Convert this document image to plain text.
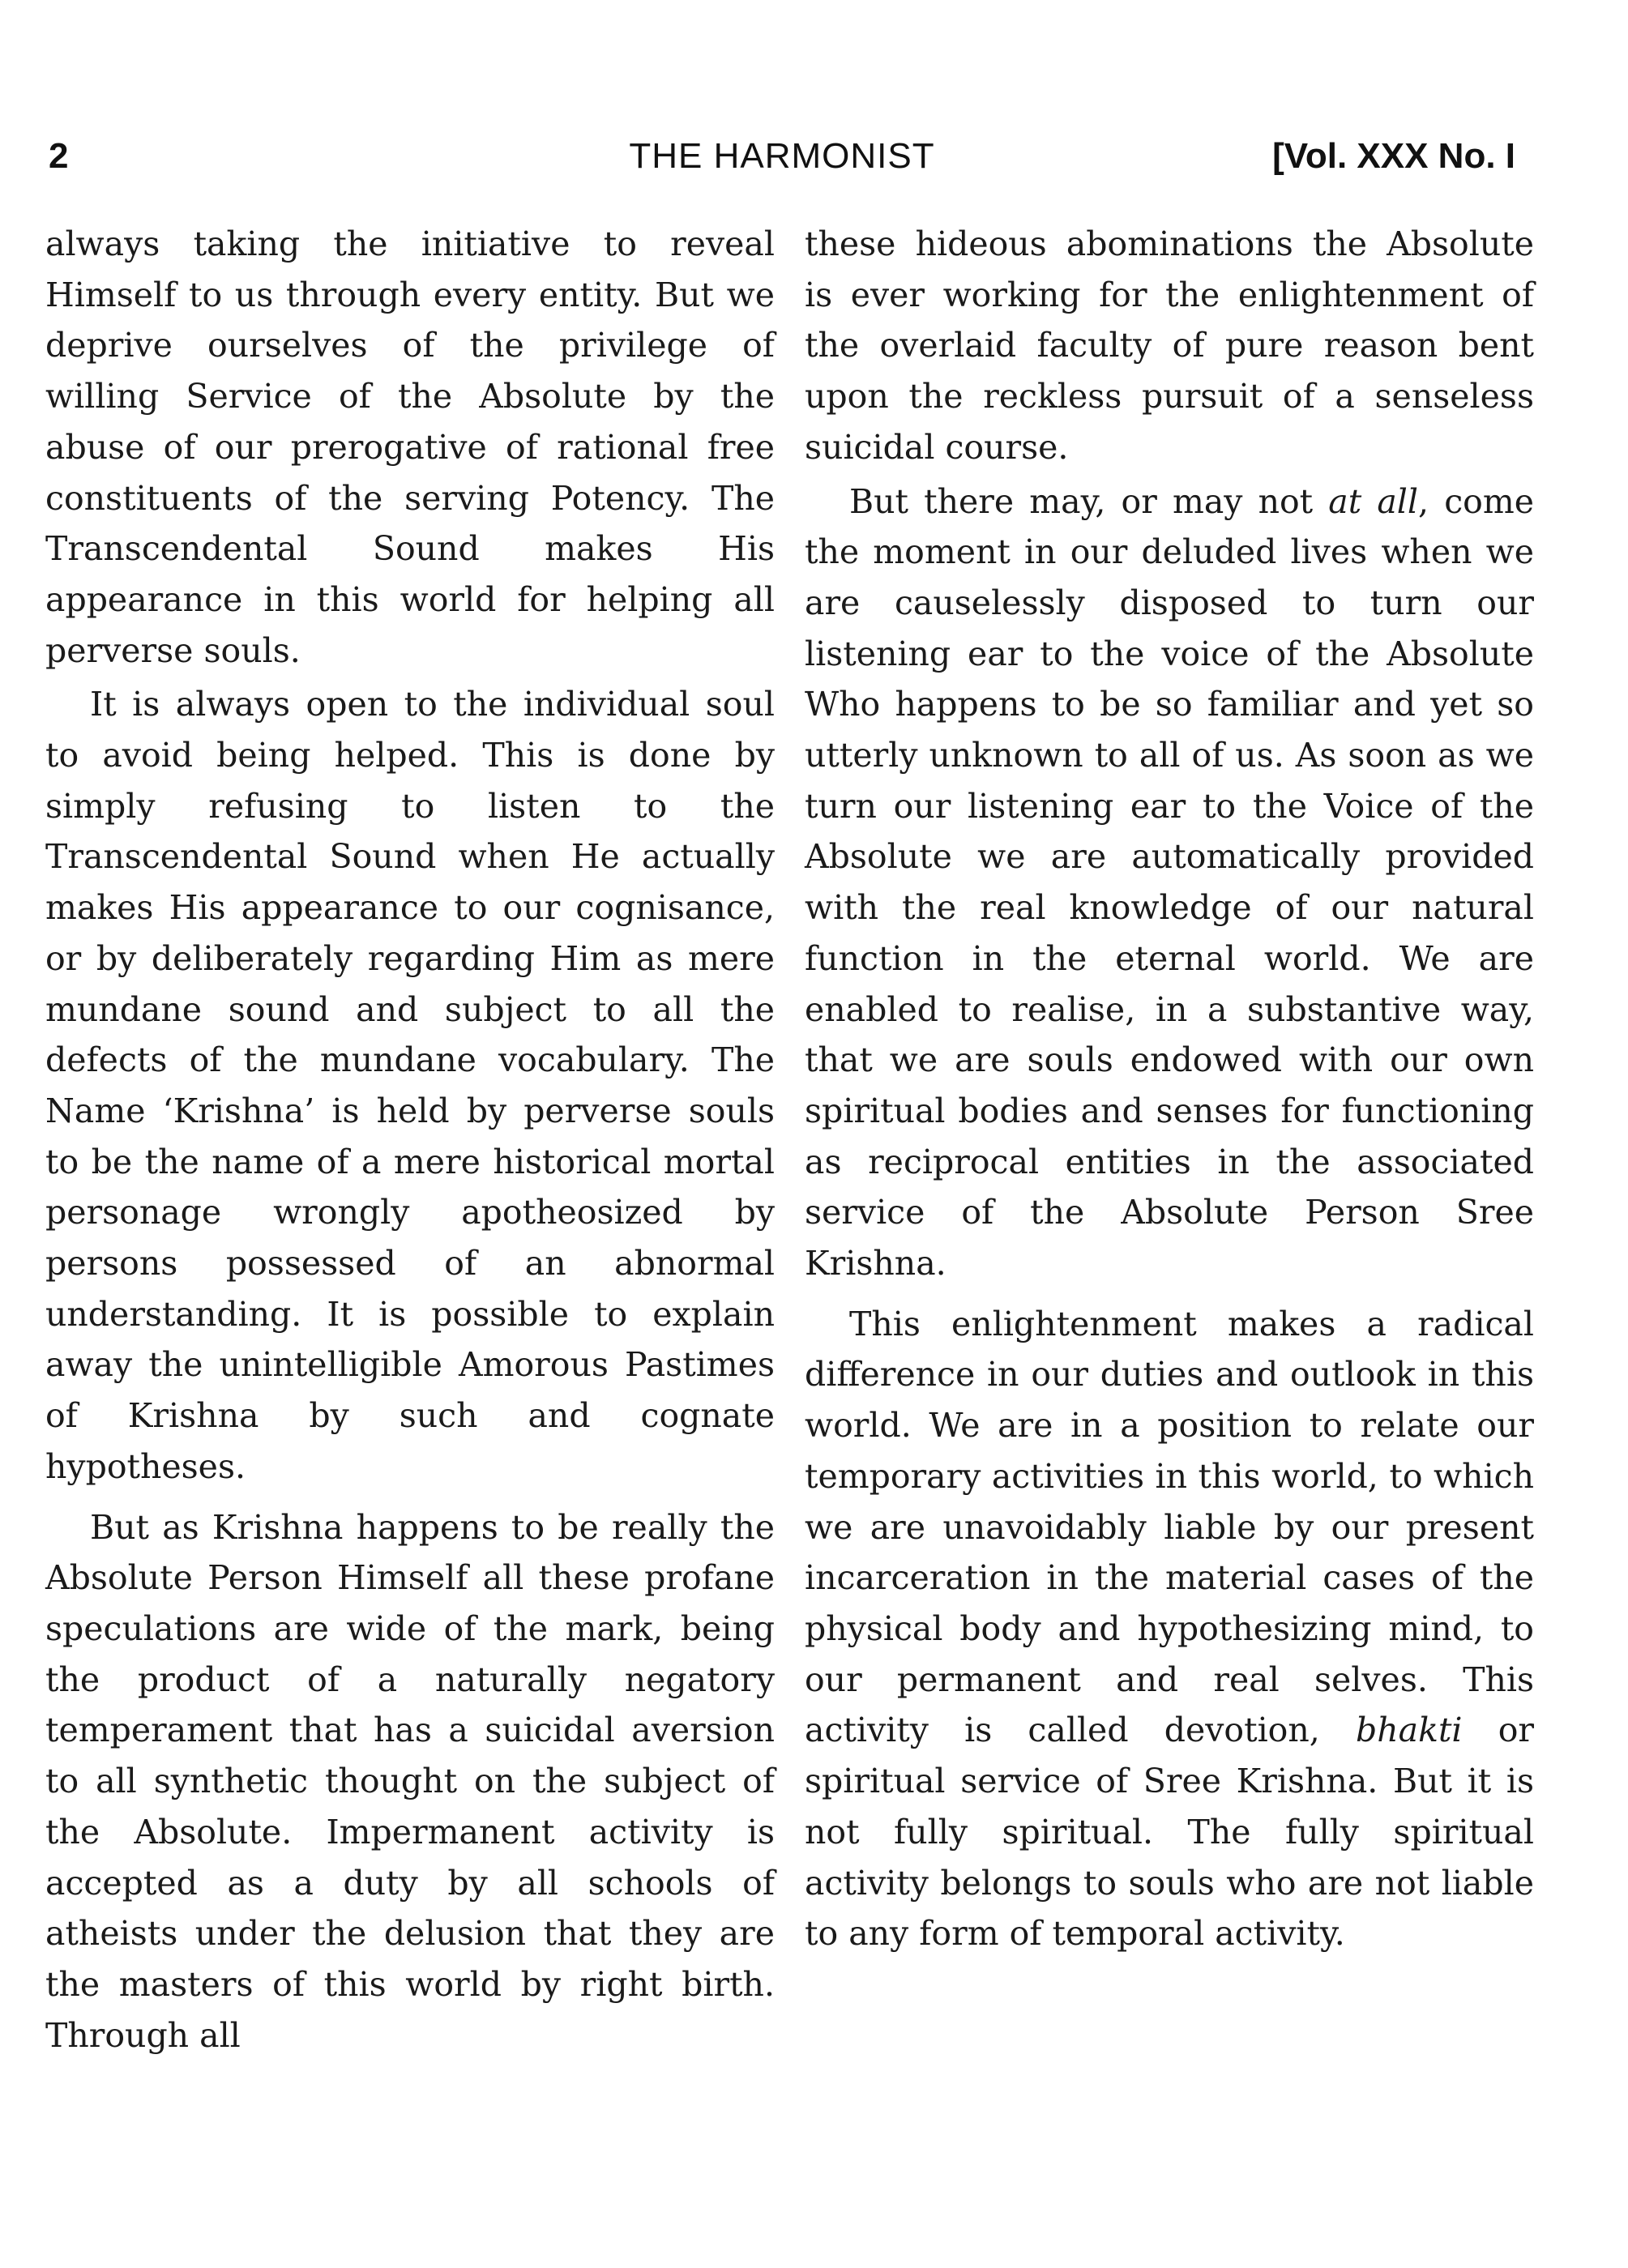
2	THE HARMONIST	[Vol. XXX No. I

always taking the initiative to reveal Himself to us through every entity. But we deprive ourselves of the privilege of willing Service of the Absolute by the abuse of our prerogative of rational free constituents of the serving Potency. The Transcendental Sound makes His appearance in this world for helping all perverse souls.

It is always open to the individual soul to avoid being helped. This is done by simply refusing to listen to the Transcendental Sound when He actually makes His appearance to our cognisance, or by deliberately regarding Him as mere mundane sound and subject to all the defects of the mundane vocabulary. The Name ‘Krishna’ is held by perverse souls to be the name of a mere historical mortal personage wrongly apotheosized by persons possessed of an abnormal understanding. It is possible to explain away the unintelligible Amorous Pastimes of Krishna by such and cognate hypotheses.

But as Krishna happens to be really the Absolute Person Himself all these profane speculations are wide of the mark, being the product of a naturally negatory temperament that has a suicidal aversion to all synthetic thought on the subject of the Absolute. Impermanent activity is accepted as a duty by all schools of atheists under the delusion that they are the masters of this world by right birth. Through all

these hideous abominations the Absolute is ever working for the enlightenment of the overlaid faculty of pure reason bent upon the reckless pursuit of a senseless suicidal course.

But there may, or may not at all, come the moment in our deluded lives when we are causelessly disposed to turn our listening ear to the voice of the Absolute Who happens to be so familiar and yet so utterly unknown to all of us. As soon as we turn our listening ear to the Voice of the Absolute we are automatically provided with the real knowledge of our natural function in the eternal world. We are enabled to realise, in a substantive way, that we are souls endowed with our own spiritual bodies and senses for functioning as reciprocal entities in the associated service of the Absolute Person Sree Krishna.

This enlightenment makes a radical difference in our duties and outlook in this world. We are in a position to relate our temporary activities in this world, to which we are unavoidably liable by our present incarceration in the material cases of the physical body and hypothesizing mind, to our permanent and real selves. This activity is called devotion, bhakti or spiritual service of Sree Krishna. But it is not fully spiritual. The fully spiritual activity belongs to souls who are not liable to any form of temporal activity.
